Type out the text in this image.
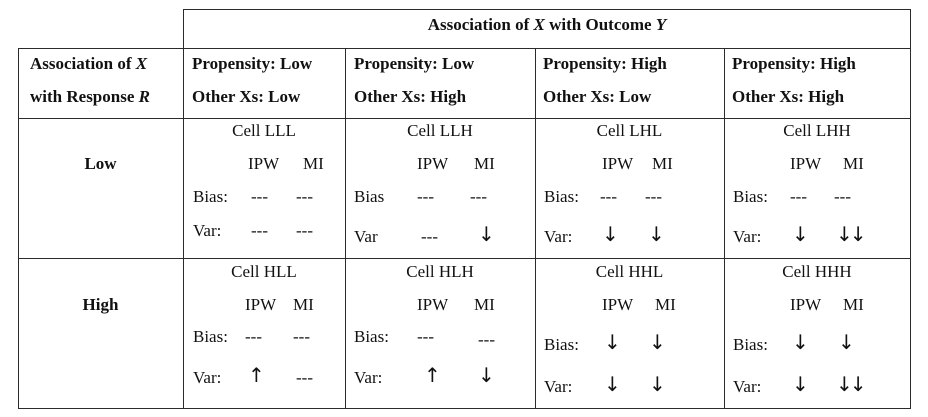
Association of X with Outcome Y
Association of X
with Response R
Propensity: Low
Other Xs: Low
Propensity: Low
Other Xs: High
Propensity: High
Other Xs: Low
Propensity: High
Other Xs: High
Low
High
Cell LLL
IPW MI
Bias: --- ---
Var: --- ---
Cell LLH
IPW MI
Bias --- ---
Var	--- ↓
Cell LHL
IPW MI
Bias: --- ---
Var: ↓ ↓
Cell LHH
IPW MI
Bias: --- ---
Var: ↓ ↓↓
Cell HLL
IPW MI
Bias: --- ---
Var: ↑ ---
Cell HLH
IPW MI
Bias: ---	---
Var: ↑ ↓
Cell HHL
IPW MI
Bias: ↓ ↓
Var: ↓ ↓
Cell HHH
IPW MI
Bias: ↓ ↓
Var: ↓ ↓↓
